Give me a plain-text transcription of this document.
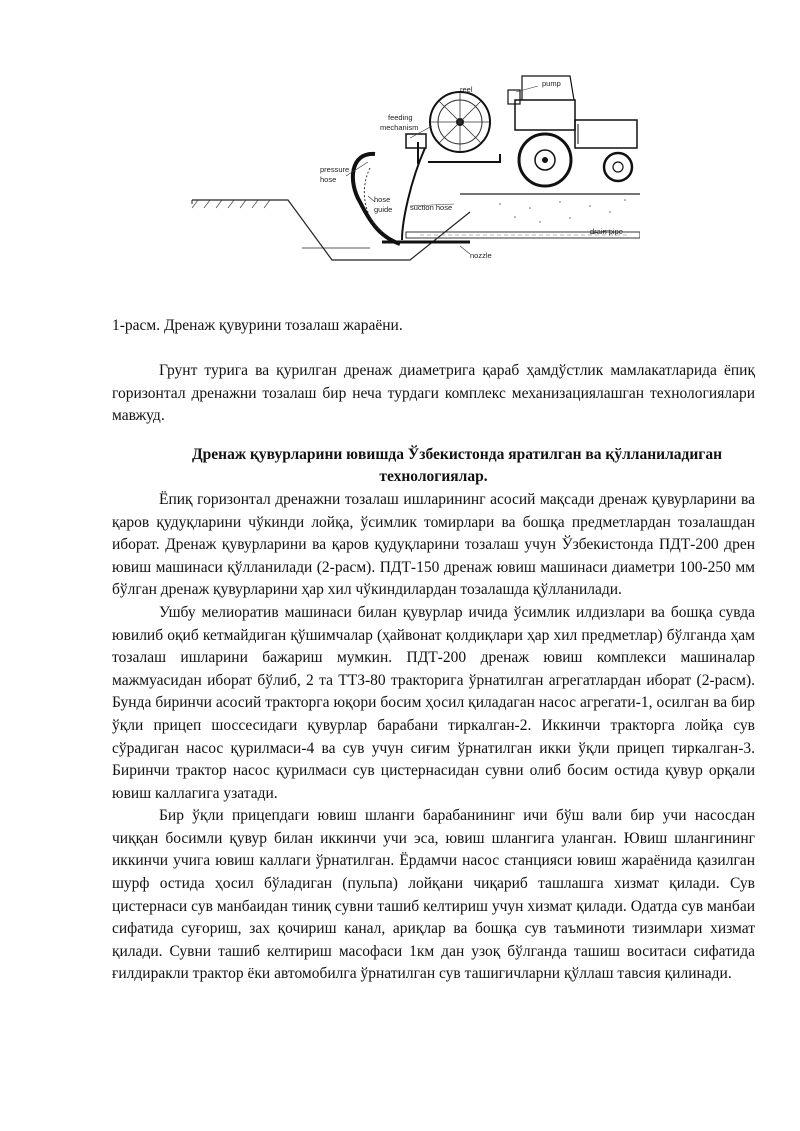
reel
pump
feeding
mechanism
pressure
hose
hose
guide suction hose
drain pipe
nozzle
1-расм. Дренаж қувурини тозалаш жараёни.

Грунт турига ва қурилган дренаж диаметрига қараб ҳамдўстлик мамлакатларида ёпиқ горизонтал дренажни тозалаш бир неча турдаги комплекс механизациялашган технологиялари мавжуд.

Дренаж қувурларини ювишда Ўзбекистонда яратилган ва қўлланиладиган технологиялар.

Ёпиқ горизонтал дренажни тозалаш ишларининг асосий мақсади дренаж қувурларини ва қаров қудуқларини чўкинди лойқа, ўсимлик томирлари ва бошқа предметлардан тозалашдан иборат. Дренаж қувурларини ва қаров қудуқларини тозалаш учун Ўзбекистонда ПДТ-200 дрен ювиш машинаси қўлланилади (2-расм). ПДТ-150 дренаж ювиш машинаси диаметри 100-250 мм бўлган дренаж қувурларини ҳар хил чўкиндилардан тозалашда қўлланилади.

Ушбу мелиоратив машинаси билан қувурлар ичида ўсимлик илдизлари ва бошқа сувда ювилиб оқиб кетмайдиган қўшимчалар (ҳайвонат қолдиқлари ҳар хил предметлар) бўлганда ҳам тозалаш ишларини бажариш мумкин. ПДТ-200 дренаж ювиш комплекси машиналар мажмуасидан иборат бўлиб, 2 та ТТЗ-80 тракторига ўрнатилган агрегатлардан иборат (2-расм). Бунда биринчи асосий тракторга юқори босим ҳосил қиладаган насос агрегати-1, осилган ва бир ўқли прицеп шоссесидаги қувурлар барабани тиркалган-2. Иккинчи тракторга лойқа сув сўрадиган насос қурилмаси-4 ва сув учун сиғим ўрнатилган икки ўқли прицеп тиркалган-3. Биринчи трактор насос қурилмаси сув цистернасидан сувни олиб босим остида қувур орқали ювиш каллагига узатади.

Бир ўқли прицепдаги ювиш шланги барабанининг ичи бўш вали бир учи насосдан чиққан босимли қувур билан иккинчи учи эса, ювиш шлангига уланган. Ювиш шлангининг иккинчи учига ювиш каллаги ўрнатилган. Ёрдамчи насос станцияси ювиш жараёнида қазилган шурф остида ҳосил бўладиган (пульпа) лойқани чиқариб ташлашга хизмат қилади. Сув цистернаси сув манбаидан тиниқ сувни ташиб келтириш учун хизмат қилади. Одатда сув манбаи сифатида суғориш, зах қочириш канал, ариқлар ва бошқа сув таъминоти тизимлари хизмат қилади. Сувни ташиб келтириш масофаси 1км дан узоқ бўлганда ташиш воситаси сифатида ғилдиракли трактор ёки автомобилга ўрнатилган сув ташигичларни қўллаш тавсия қилинади.
